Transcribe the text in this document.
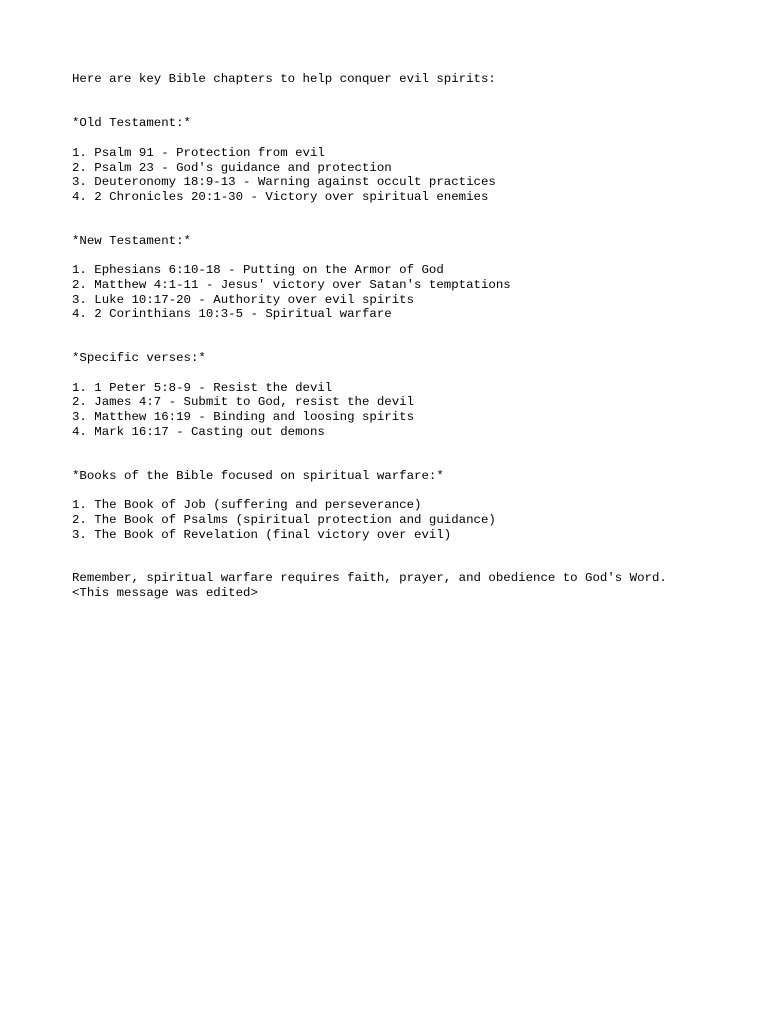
Here are key Bible chapters to help conquer evil spirits:
*Old Testament:*
1. Psalm 91 - Protection from evil
2. Psalm 23 - God's guidance and protection
3. Deuteronomy 18:9-13 - Warning against occult practices
4. 2 Chronicles 20:1-30 - Victory over spiritual enemies
*New Testament:*
1. Ephesians 6:10-18 - Putting on the Armor of God
2. Matthew 4:1-11 - Jesus' victory over Satan's temptations
3. Luke 10:17-20 - Authority over evil spirits
4. 2 Corinthians 10:3-5 - Spiritual warfare
*Specific verses:*
1. 1 Peter 5:8-9 - Resist the devil
2. James 4:7 - Submit to God, resist the devil
3. Matthew 16:19 - Binding and loosing spirits
4. Mark 16:17 - Casting out demons
*Books of the Bible focused on spiritual warfare:*
1. The Book of Job (suffering and perseverance)
2. The Book of Psalms (spiritual protection and guidance)
3. The Book of Revelation (final victory over evil)
Remember, spiritual warfare requires faith, prayer, and obedience to God's Word.
<This message was edited>
